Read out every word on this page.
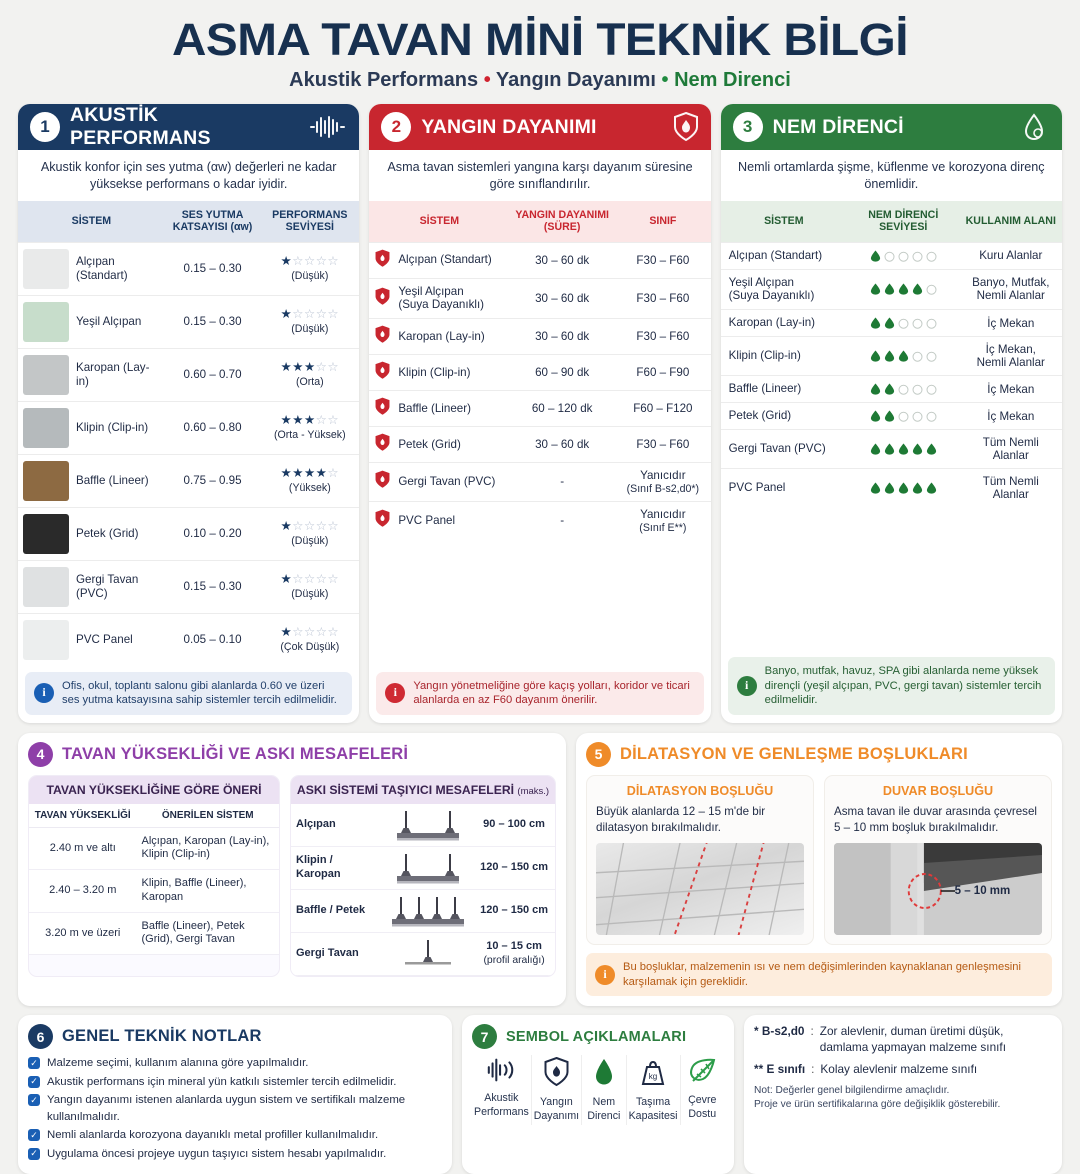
ASMA TAVAN MİNİ TEKNİK BİLGİ
Akustik Performans • Yangın Dayanımı • Nem Direnci
1
AKUSTİK PERFORMANS
Akustik konfor için ses yutma (αw) değerleri ne kadar yüksekse performans o kadar iyidir.
SİSTEM	SES YUTMA
KATSAYISI (αw)	PERFORMANS
SEVİYESİ

Alçıpan (Standart)	0.15 – 0.30	★☆☆☆☆
(Düşük)

Yeşil Alçıpan	0.15 – 0.30	★☆☆☆☆
(Düşük)

Karopan (Lay-in)	0.60 – 0.70	★★★☆☆
(Orta)

Klipin (Clip-in)	0.60 – 0.80	★★★☆☆
(Orta - Yüksek)

Baffle (Lineer)	0.75 – 0.95	★★★★☆
(Yüksek)

Petek (Grid)	0.10 – 0.20	★☆☆☆☆
(Düşük)

Gergi Tavan (PVC)	0.15 – 0.30	★☆☆☆☆
(Düşük)

PVC Panel	0.05 – 0.10	★☆☆☆☆
(Çok Düşük)
i	Ofis, okul, toplantı salonu gibi alanlarda 0.60 ve üzeri ses yutma katsayısına sahip sistemler tercih edilmelidir.
2	YANGIN DAYANIMI
Asma tavan sistemleri yangına karşı dayanım süresine göre sınıflandırılır.
SİSTEM	YANGIN DAYANIMI
(SÜRE)	SINIF

Alçıpan (Standart)	30 – 60 dk	F30 – F60

Yeşil Alçıpan
(Suya Dayanıklı)	30 – 60 dk	F30 – F60

Karopan (Lay-in)	30 – 60 dk	F30 – F60

Klipin (Clip-in)	60 – 90 dk	F60 – F90

Baffle (Lineer)	60 – 120 dk	F60 – F120

Petek (Grid)	30 – 60 dk	F30 – F60

Gergi Tavan (PVC)	-	Yanıcıdır
(Sınıf B-s2,d0*)

PVC Panel	-	Yanıcıdır
(Sınıf E**)
i	Yangın yönetmeliğine göre kaçış yolları, koridor ve ticari alanlarda en az F60 dayanım önerilir.
3	NEM DİRENCİ
Nemli ortamlarda şişme, küflenme ve korozyona direnç önemlidir.
SİSTEM	NEM DİRENCİ
SEVİYESİ	KULLANIM ALANI
Alçıpan (Standart)		Kuru Alanlar
Yeşil Alçıpan
(Suya Dayanıklı)		Banyo, Mutfak,
Nemli Alanlar
Karopan (Lay-in)		İç Mekan
Klipin (Clip-in)		İç Mekan,
Nemli Alanlar
Baffle (Lineer)		İç Mekan
Petek (Grid)		İç Mekan
Gergi Tavan (PVC)		Tüm Nemli
Alanlar
PVC Panel		Tüm Nemli
Alanlar
i
Banyo, mutfak, havuz, SPA gibi alanlarda neme yüksek dirençli (yeşil alçıpan, PVC, gergi tavan) sistemler tercih edilmelidir.
4	TAVAN YÜKSEKLİĞİ VE ASKI MESAFELERİ
TAVAN YÜKSEKLİĞİNE GÖRE ÖNERİ
TAVAN YÜKSEKLİĞİ	ÖNERİLEN SİSTEM
2.40 m ve altı	Alçıpan, Karopan (Lay-in), Klipin (Clip-in)
2.40 – 3.20 m	Klipin, Baffle (Lineer), Karopan
3.20 m ve üzeri	Baffle (Lineer), Petek (Grid), Gergi Tavan
ASKI SİSTEMİ TAŞIYICI MESAFELERİ (maks.)
Alçıpan		90 – 100 cm
Klipin / Karopan		120 – 150 cm
Baffle / Petek		120 – 150 cm
Gergi Tavan		10 – 15 cm
(profil aralığı)
5	DİLATASYON VE GENLEŞME BOŞLUKLARI
DİLATASYON BOŞLUĞU
Büyük alanlarda 12 – 15 m'de bir dilatasyon bırakılmalıdır.
DUVAR BOŞLUĞU
Asma tavan ile duvar arasında çevresel 5 – 10 mm boşluk bırakılmalıdır.
5 – 10 mm
i	Bu boşluklar, malzemenin ısı ve nem değişimlerinden kaynaklanan genleşmesini karşılamak için gereklidir.
6	GENEL TEKNİK NOTLAR
✓ Malzeme seçimi, kullanım alanına göre yapılmalıdır.
✓ Akustik performans için mineral yün katkılı sistemler tercih edilmelidir.
✓ Yangın dayanımı istenen alanlarda uygun sistem ve sertifikalı malzeme kullanılmalıdır.
✓ Nemli alanlarda korozyona dayanıklı metal profiller kullanılmalıdır.
✓ Uygulama öncesi projeye uygun taşıyıcı sistem hesabı yapılmalıdır.
7	SEMBOL AÇIKLAMALARI
Akustik
Performans
Yangın
Dayanımı
Nem
Direnci
kg
Taşıma
Kapasitesi
Çevre
Dostu
* B-s2,d0 : Zor alevlenir, duman üretimi düşük, damlama yapmayan malzeme sınıfı
** E sınıfı : Kolay alevlenir malzeme sınıfı
Not: Değerler genel bilgilendirme amaçlıdır.
Proje ve ürün sertifikalarına göre değişiklik gösterebilir.
